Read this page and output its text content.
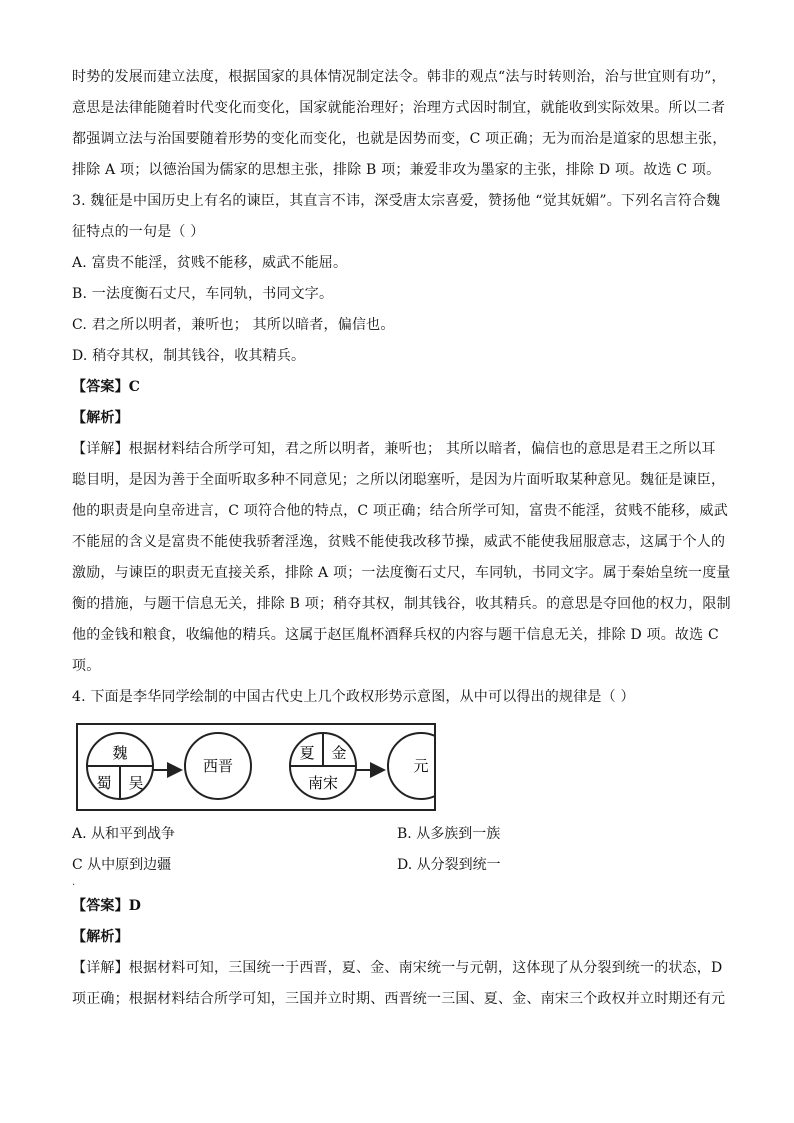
时势的发展而建立法度，根据国家的具体情况制定法令。韩非的观点“法与时转则治，治与世宜则有功”，
意思是法律能随着时代变化而变化，国家就能治理好；治理方式因时制宜，就能收到实际效果。所以二者
都强调立法与治国要随着形势的变化而变化，也就是因势而变，C 项正确；无为而治是道家的思想主张，
排除 A 项；以德治国为儒家的思想主张，排除 B 项；兼爱非攻为墨家的主张，排除 D 项。故选 C 项。
3. 魏征是中国历史上有名的谏臣，其直言不讳，深受唐太宗喜爱，赞扬他 “觉其妩媚”。下列名言符合魏
征特点的一句是（ ）
A. 富贵不能淫，贫贱不能移，威武不能屈。
B. 一法度衡石丈尺，车同轨，书同文字。
C. 君之所以明者，兼听也； 其所以暗者，偏信也。
D. 稍夺其权，制其钱谷，收其精兵。
【答案】C
【解析】
【详解】根据材料结合所学可知，君之所以明者，兼听也； 其所以暗者，偏信也的意思是君王之所以耳
聪目明，是因为善于全面听取多种不同意见；之所以闭聪塞听，是因为片面听取某种意见。魏征是谏臣，
他的职责是向皇帝进言，C 项符合他的特点，C 项正确；结合所学可知，富贵不能淫，贫贱不能移，威武
不能屈的含义是富贵不能使我骄奢淫逸，贫贱不能使我改移节操，威武不能使我屈服意志，这属于个人的
激励，与谏臣的职责无直接关系，排除 A 项；一法度衡石丈尺，车同轨，书同文字。属于秦始皇统一度量
衡的措施，与题干信息无关，排除 B 项；稍夺其权，制其钱谷，收其精兵。的意思是夺回他的权力，限制
他的金钱和粮食，收编他的精兵。这属于赵匡胤杯酒释兵权的内容与题干信息无关，排除 D 项。故选 C
项。
4. 下面是李华同学绘制的中国古代史上几个政权形势示意图，从中可以得出的规律是（ ）
魏
蜀 吴
西晋
夏 金
南宋
元
A. 从和平到战争	B. 从多族到一族
C 从中原到边疆	D. 从分裂到统一
·
【答案】D
【解析】
【详解】根据材料可知，三国统一于西晋，夏、金、南宋统一与元朝，这体现了从分裂到统一的状态，D
项正确；根据材料结合所学可知，三国并立时期、西晋统一三国、夏、金、南宋三个政权并立时期还有元
